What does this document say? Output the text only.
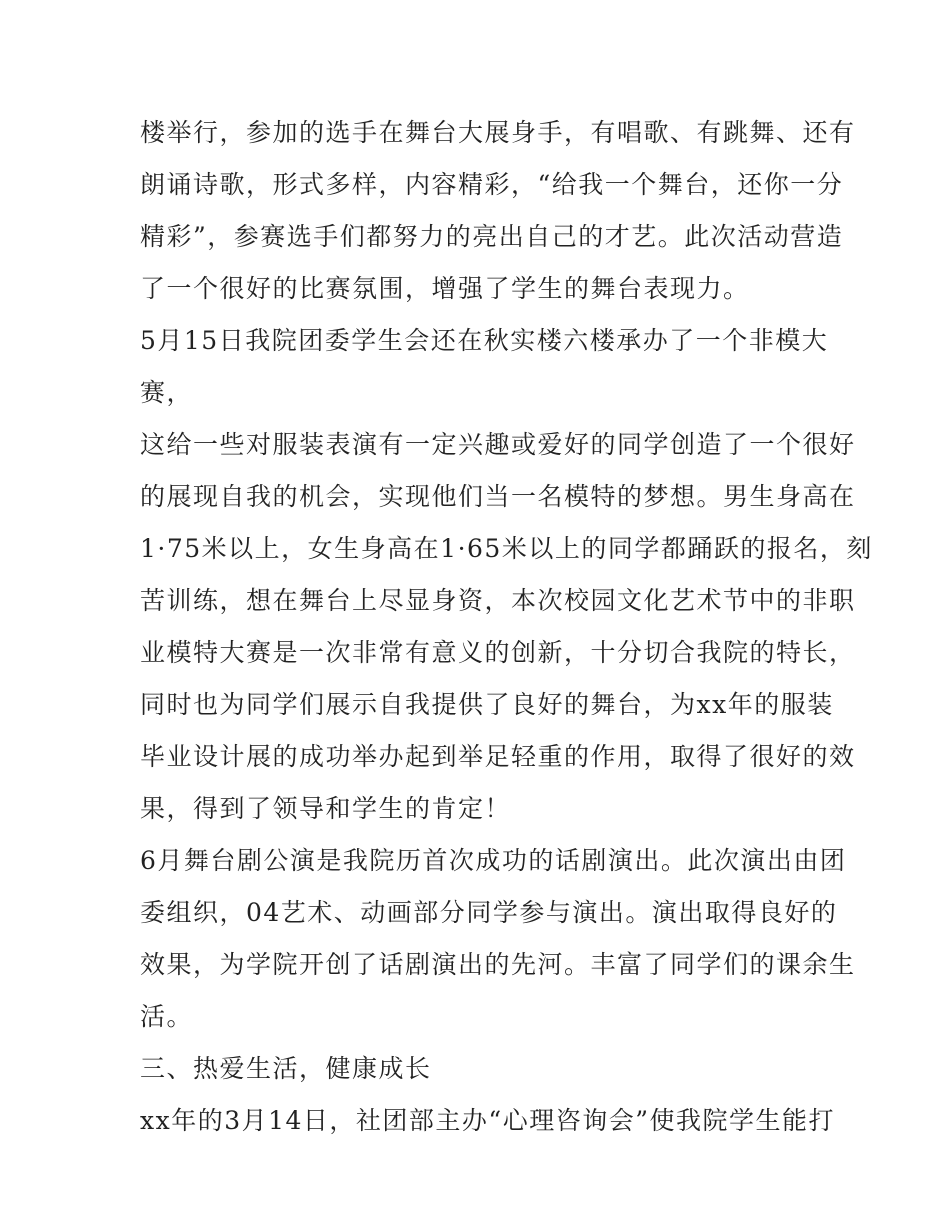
楼举行，参加的选手在舞台大展身手，有唱歌、有跳舞、还有
朗诵诗歌，形式多样，内容精彩，“给我一个舞台，还你一分
精彩”，参赛选手们都努力的亮出自己的才艺。此次活动营造
了一个很好的比赛氛围，增强了学生的舞台表现力。
5月15日我院团委学生会还在秋实楼六楼承办了一个非模大
赛，
这给一些对服装表演有一定兴趣或爱好的同学创造了一个很好
的展现自我的机会，实现他们当一名模特的梦想。男生身高在
1·75米以上，女生身高在1·65米以上的同学都踊跃的报名，刻
苦训练，想在舞台上尽显身资，本次校园文化艺术节中的非职
业模特大赛是一次非常有意义的创新，十分切合我院的特长，
同时也为同学们展示自我提供了良好的舞台，为xx年的服装
毕业设计展的成功举办起到举足轻重的作用，取得了很好的效
果，得到了领导和学生的肯定！
6月舞台剧公演是我院历首次成功的话剧演出。此次演出由团
委组织，04艺术、动画部分同学参与演出。演出取得良好的
效果，为学院开创了话剧演出的先河。丰富了同学们的课余生
活。
三、热爱生活，健康成长
xx年的3月14日，社团部主办“心理咨询会”使我院学生能打
